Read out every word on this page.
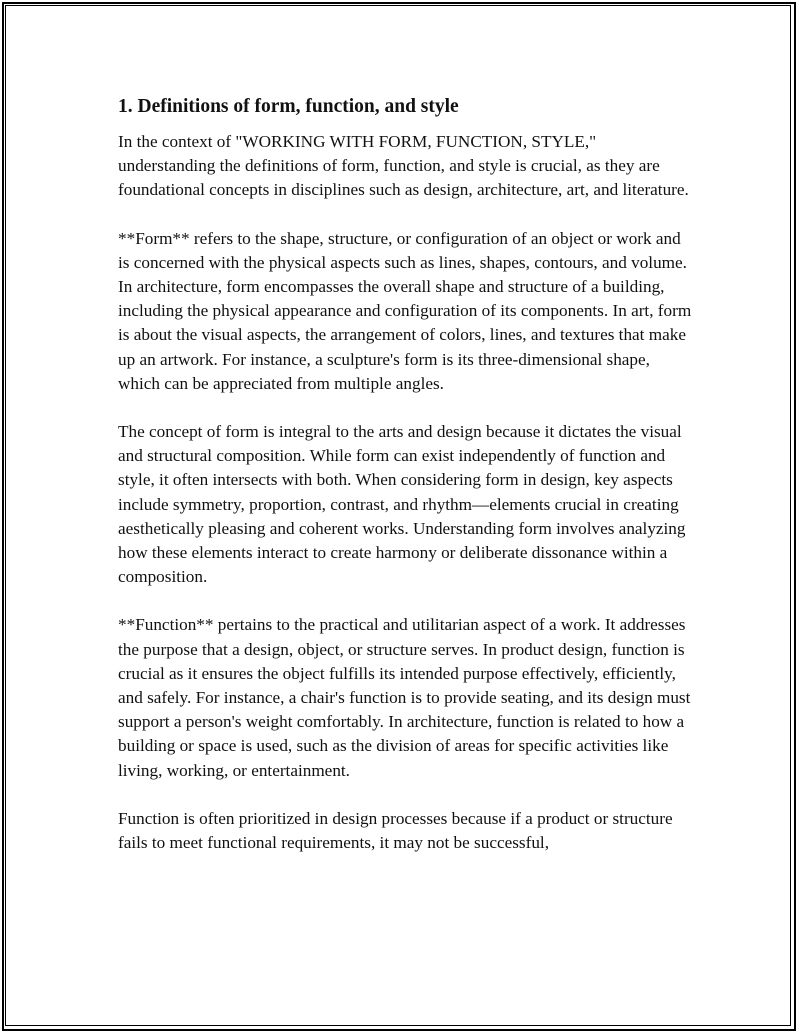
1. Definitions of form, function, and style

In the context of "WORKING WITH FORM, FUNCTION, STYLE," understanding the definitions of form, function, and style is crucial, as they are foundational concepts in disciplines such as design, architecture, art, and literature.

**Form** refers to the shape, structure, or configuration of an object or work and is concerned with the physical aspects such as lines, shapes, contours, and volume. In architecture, form encompasses the overall shape and structure of a building, including the physical appearance and configuration of its components. In art, form is about the visual aspects, the arrangement of colors, lines, and textures that make up an artwork. For instance, a sculpture's form is its three-dimensional shape, which can be appreciated from multiple angles.

The concept of form is integral to the arts and design because it dictates the visual and structural composition. While form can exist independently of function and style, it often intersects with both. When considering form in design, key aspects include symmetry, proportion, contrast, and rhythm—elements crucial in creating aesthetically pleasing and coherent works. Understanding form involves analyzing how these elements interact to create harmony or deliberate dissonance within a composition.

**Function** pertains to the practical and utilitarian aspect of a work. It addresses the purpose that a design, object, or structure serves. In product design, function is crucial as it ensures the object fulfills its intended purpose effectively, efficiently, and safely. For instance, a chair's function is to provide seating, and its design must support a person's weight comfortably. In architecture, function is related to how a building or space is used, such as the division of areas for specific activities like living, working, or entertainment.

Function is often prioritized in design processes because if a product or structure fails to meet functional requirements, it may not be successful,
